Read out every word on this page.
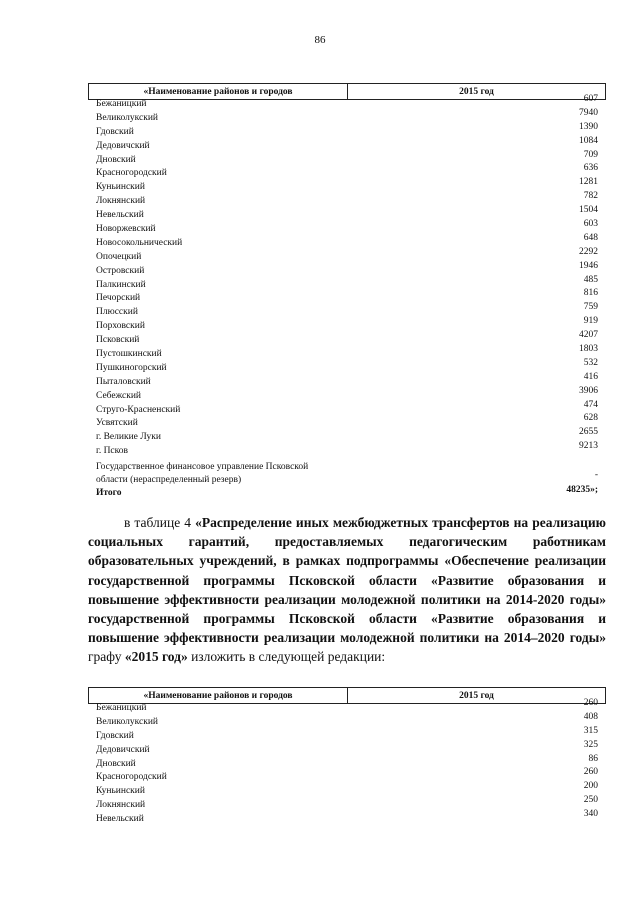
86
«Наименование районов и городов	2015 год
Бежаницкий	607
Великолукский	7940
Гдовский	1390
Дедовичский	1084
Дновский	709
Красногородский	636
Куньинский	1281
Локнянский	782
Невельский	1504
Новоржевский	603
Новосокольнический	648
Опочецкий	2292
Островский	1946
Палкинский	485
Печорский	816
Плюсский	759
Порховский	919
Псковский	4207
Пустошкинский	1803
Пушкиногорский	532
Пыталовский	416
Себежский	3906
Струго-Красненский	474
Усвятский	628
г. Великие Луки	2655
г. Псков	9213
Государственное финансовое управление Псковской
области (нераспределенный резерв)	-
Итого	48235»;
в таблице 4 «Распределение иных межбюджетных трансфертов на реализацию социальных гарантий, предоставляемых педагогическим работникам образовательных учреждений, в рамках подпрограммы «Обеспечение реализации государственной программы Псковской области «Развитие образования и повышение эффективности реализации молодежной политики на 2014-2020 годы» государственной программы Псковской области «Развитие образования и повышение эффективности реализации молодежной политики на 2014–2020 годы» графу «2015 год» изложить в следующей редакции:
«Наименование районов и городов	2015 год
Бежаницкий	260
Великолукский	408
Гдовский	315
Дедовичский	325
Дновский	86
Красногородский	260
Куньинский	200
Локнянский	250
Невельский	340
